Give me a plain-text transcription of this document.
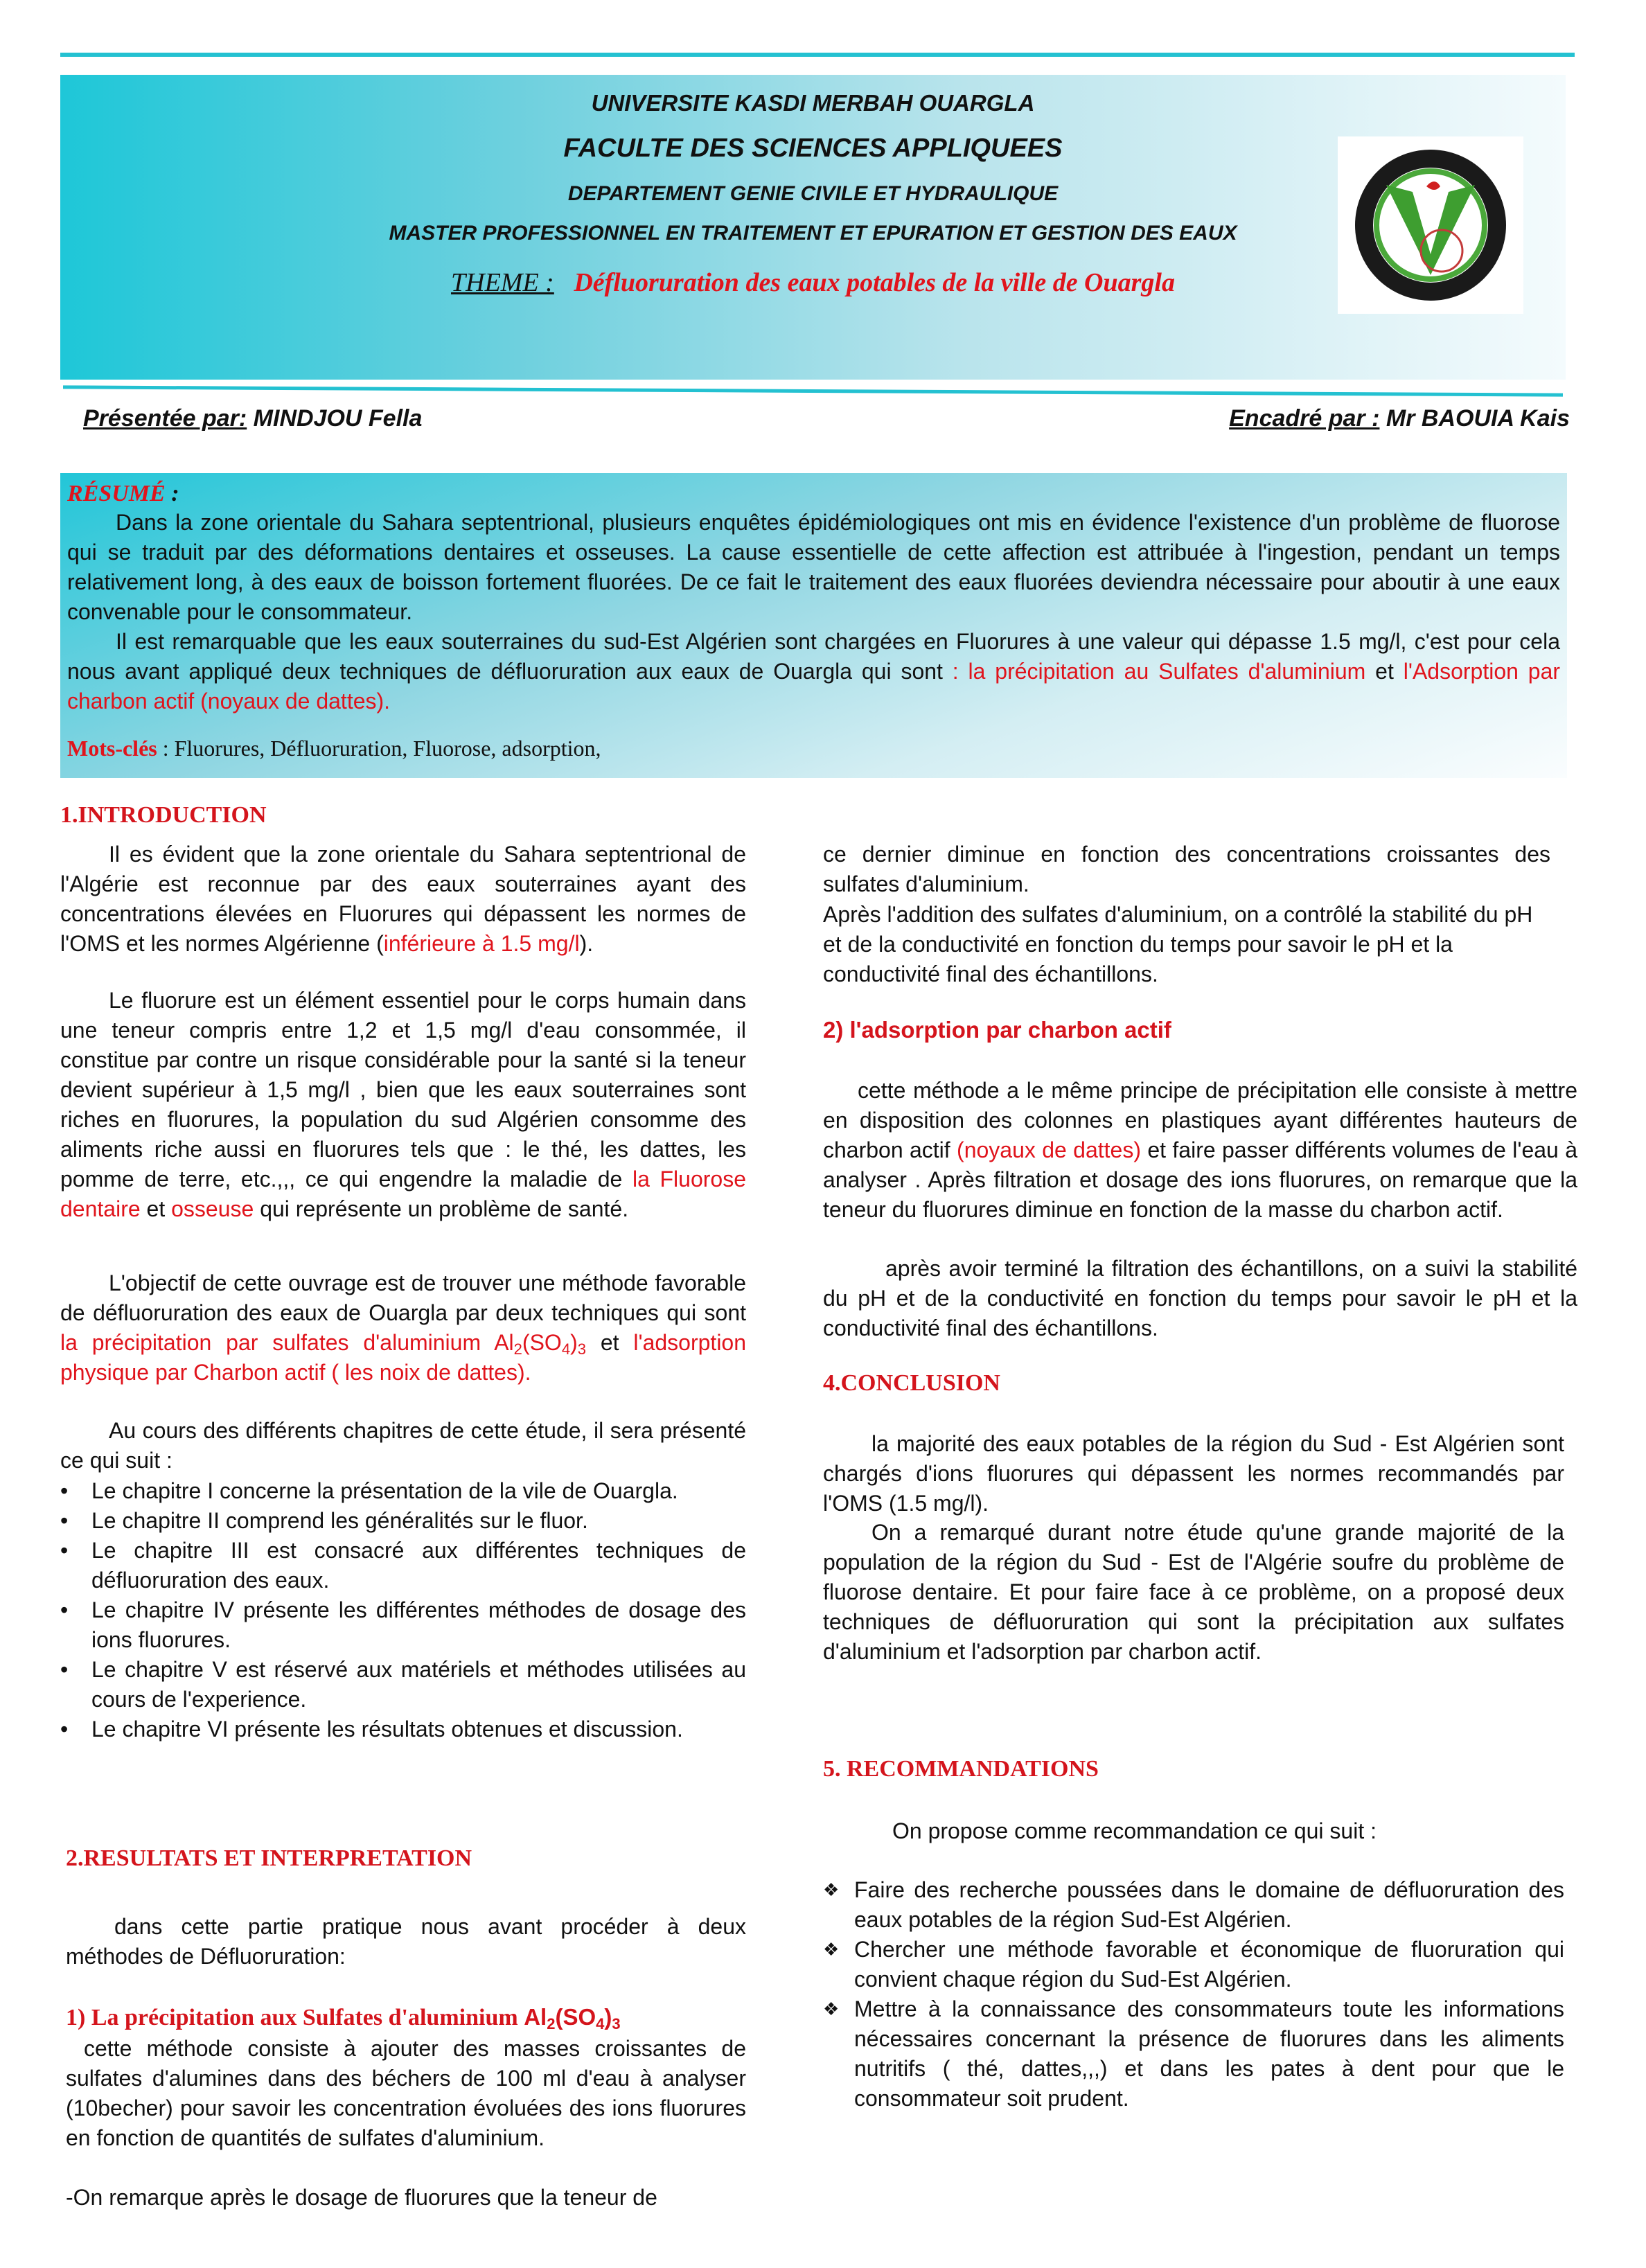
UNIVERSITE KASDI MERBAH OUARGLA
FACULTE DES SCIENCES APPLIQUEES
DEPARTEMENT GENIE CIVILE ET HYDRAULIQUE
MASTER PROFESSIONNEL EN TRAITEMENT ET EPURATION ET GESTION DES EAUX
THEME : Défluoruration des eaux potables de la ville de Ouargla
Présentée par: MINDJOU Fella	Encadré par : Mr BAOUIA Kais
RÉSUMÉ :
Dans la zone orientale du Sahara septentrional, plusieurs enquêtes épidémiologiques ont mis en évidence l'existence d'un problème de fluorose qui se traduit par des déformations dentaires et osseuses. La cause essentielle de cette affection est attribuée à l'ingestion, pendant un temps relativement long, à des eaux de boisson fortement fluorées. De ce fait le traitement des eaux fluorées deviendra nécessaire pour aboutir à une eaux convenable pour le consommateur.
Il est remarquable que les eaux souterraines du sud-Est Algérien sont chargées en Fluorures à une valeur qui dépasse 1.5 mg/l, c'est pour cela nous avant appliqué deux techniques de défluoruration aux eaux de Ouargla qui sont : la précipitation au Sulfates d'aluminium et l'Adsorption par charbon actif (noyaux de dattes).
Mots-clés : Fluorures, Défluoruration, Fluorose, adsorption,
1.INTRODUCTION
Il es évident que la zone orientale du Sahara septentrional de l'Algérie est reconnue par des eaux souterraines ayant des concentrations élevées en Fluorures qui dépassent les normes de l'OMS et les normes Algérienne (inférieure à 1.5 mg/l).
Le fluorure est un élément essentiel pour le corps humain dans une teneur compris entre 1,2 et 1,5 mg/l d'eau consommée, il constitue par contre un risque considérable pour la santé si la teneur devient supérieur à 1,5 mg/l , bien que les eaux souterraines sont riches en fluorures, la population du sud Algérien consomme des aliments riche aussi en fluorures tels que : le thé, les dattes, les pomme de terre, etc.,,, ce qui engendre la maladie de la Fluorose dentaire et osseuse qui représente un problème de santé.
L'objectif de cette ouvrage est de trouver une méthode favorable de défluoruration des eaux de Ouargla par deux techniques qui sont la précipitation par sulfates d'aluminium $Al_2(SO_4)_3$ et l'adsorption physique par Charbon actif ( les noix de dattes).
Au cours des différents chapitres de cette étude, il sera présenté ce qui suit :
• Le chapitre I concerne la présentation de la vile de Ouargla.
• Le chapitre II comprend les généralités sur le fluor.
• Le chapitre III est consacré aux différentes techniques de défluoruration des eaux.
• Le chapitre IV présente les différentes méthodes de dosage des ions fluorures.
• Le chapitre V est réservé aux matériels et méthodes utilisées au cours de l'experience.
• Le chapitre VI présente les résultats obtenues et discussion.
2.RESULTATS ET INTERPRETATION
dans cette partie pratique nous avant procéder à deux méthodes de Défluoruration:
1) La précipitation aux Sulfates d'aluminium $Al_2(SO_4)_3$
cette méthode consiste à ajouter des masses croissantes de sulfates d'alumines dans des béchers de 100 ml d'eau à analyser (10becher) pour savoir les concentration évoluées des ions fluorures en fonction de quantités de sulfates d'aluminium.
-On remarque après le dosage de fluorures que la teneur de
ce dernier diminue en fonction des concentrations croissantes des sulfates d'aluminium.
Après l'addition des sulfates d'aluminium, on a contrôlé la stabilité du pH et de la conductivité en fonction du temps pour savoir le pH et la conductivité final des échantillons.
2) l'adsorption par charbon actif
cette méthode a le même principe de précipitation elle consiste à mettre en disposition des colonnes en plastiques ayant différentes hauteurs de charbon actif (noyaux de dattes) et faire passer différents volumes de l'eau à analyser . Après filtration et dosage des ions fluorures, on remarque que la teneur du fluorures diminue en fonction de la masse du charbon actif.
après avoir terminé la filtration des échantillons, on a suivi la stabilité du pH et de la conductivité en fonction du temps pour savoir le pH et la conductivité final des échantillons.
4.CONCLUSION
la majorité des eaux potables de la région du Sud - Est Algérien sont chargés d'ions fluorures qui dépassent les normes recommandés par l'OMS (1.5 mg/l).
On a remarqué durant notre étude qu'une grande majorité de la population de la région du Sud - Est de l'Algérie soufre du problème de fluorose dentaire. Et pour faire face à ce problème, on a proposé deux techniques de défluoruration qui sont la précipitation aux sulfates d'aluminium et l'adsorption par charbon actif.
5. RECOMMANDATIONS
On propose comme recommandation ce qui suit :
❖ Faire des recherche poussées dans le domaine de défluoruration des eaux potables de la région Sud-Est Algérien.
❖ Chercher une méthode favorable et économique de fluoruration qui convient chaque région du Sud-Est Algérien.
❖ Mettre à la connaissance des consommateurs toute les informations nécessaires concernant la présence de fluorures dans les aliments nutritifs ( thé, dattes,,,) et dans les pates à dent pour que le consommateur soit prudent.
